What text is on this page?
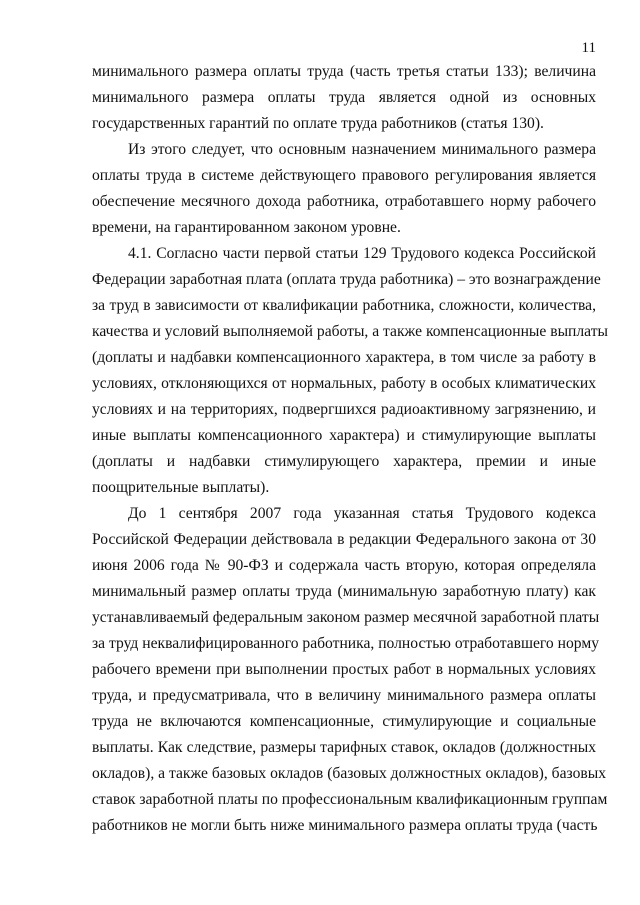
11
минимального размера оплаты труда (часть третья статьи 133); величина
минимального размера оплаты труда является одной из основных
государственных гарантий по оплате труда работников (статья 130).
Из этого следует, что основным назначением минимального размера
оплаты труда в системе действующего правового регулирования является
обеспечение месячного дохода работника, отработавшего норму рабочего
времени, на гарантированном законом уровне.
4.1. Согласно части первой статьи 129 Трудового кодекса Российской
Федерации заработная плата (оплата труда работника) – это вознаграждение
за труд в зависимости от квалификации работника, сложности, количества,
качества и условий выполняемой работы, а также компенсационные выплаты
(доплаты и надбавки компенсационного характера, в том числе за работу в
условиях, отклоняющихся от нормальных, работу в особых климатических
условиях и на территориях, подвергшихся радиоактивному загрязнению, и
иные выплаты компенсационного характера) и стимулирующие выплаты
(доплаты и надбавки стимулирующего характера, премии и иные
поощрительные выплаты).
До 1 сентября 2007 года указанная статья Трудового кодекса
Российской Федерации действовала в редакции Федерального закона от 30
июня 2006 года № 90-ФЗ и содержала часть вторую, которая определяла
минимальный размер оплаты труда (минимальную заработную плату) как
устанавливаемый федеральным законом размер месячной заработной платы
за труд неквалифицированного работника, полностью отработавшего норму
рабочего времени при выполнении простых работ в нормальных условиях
труда, и предусматривала, что в величину минимального размера оплаты
труда не включаются компенсационные, стимулирующие и социальные
выплаты. Как следствие, размеры тарифных ставок, окладов (должностных
окладов), а также базовых окладов (базовых должностных окладов), базовых
ставок заработной платы по профессиональным квалификационным группам
работников не могли быть ниже минимального размера оплаты труда (часть
